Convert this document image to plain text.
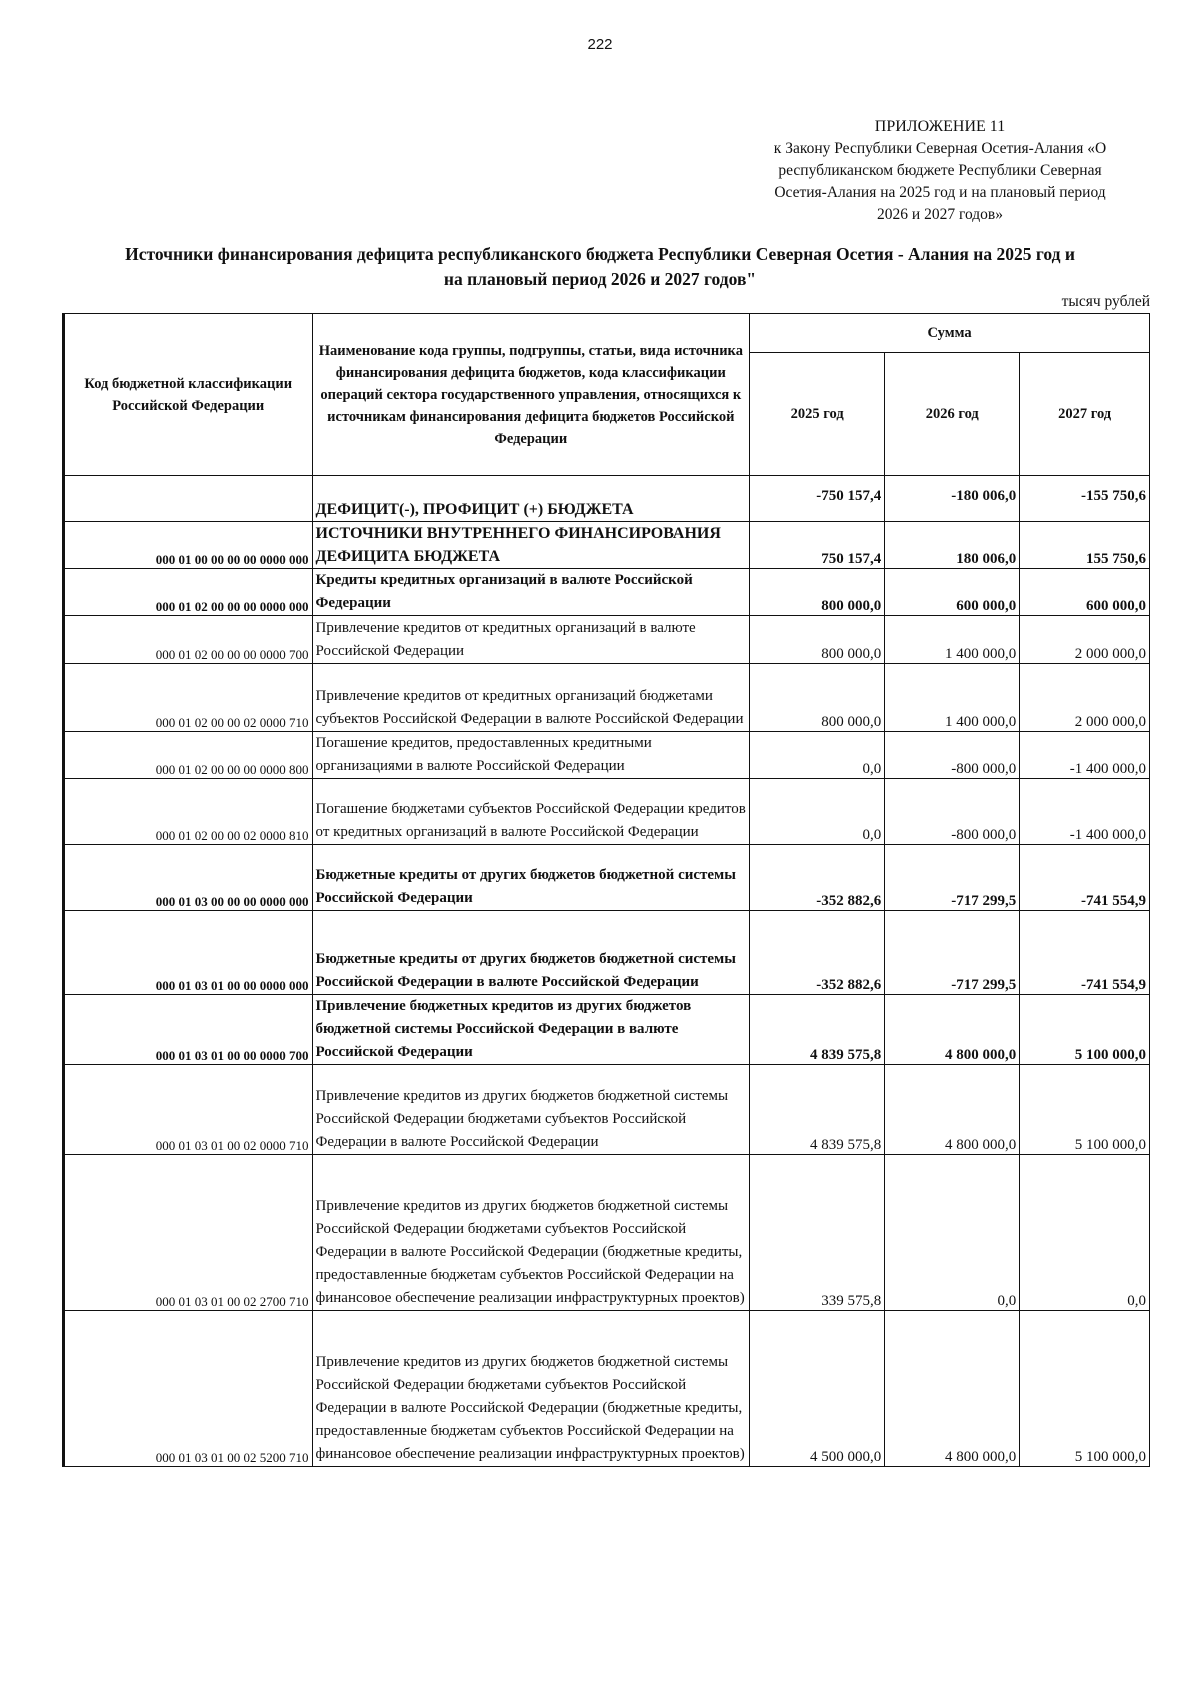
222
ПРИЛОЖЕНИЕ 11
к Закону Республики Северная Осетия-Алания «О
республиканском бюджете Республики Северная
Осетия-Алания на 2025 год и на плановый период
2026 и 2027 годов»
Источники финансирования дефицита республиканского бюджета Республики Северная Осетия - Алания на 2025 год и
на плановый период 2026 и 2027 годов"
тысяч рублей
Код бюджетной классификации Российской Федерации	Наименование кода группы, подгруппы, статьи, вида источника финансирования дефицита бюджетов, кода классификации операций сектора государственного управления, относящихся к источникам финансирования дефицита бюджетов Российской Федерации	Сумма		
		2025 год	2026 год	2027 год
	ДЕФИЦИТ(-), ПРОФИЦИТ (+) БЮДЖЕТА	-750 157,4	-180 006,0	-155 750,6
000 01 00 00 00 00 0000 000	ИСТОЧНИКИ ВНУТРЕННЕГО ФИНАНСИРОВАНИЯ ДЕФИЦИТА БЮДЖЕТА	750 157,4	180 006,0	155 750,6
000 01 02 00 00 00 0000 000	Кредиты кредитных организаций в валюте Российской Федерации	800 000,0	600 000,0	600 000,0
000 01 02 00 00 00 0000 700	Привлечение кредитов от кредитных организаций в валюте Российской Федерации	800 000,0	1 400 000,0	2 000 000,0
000 01 02 00 00 02 0000 710	Привлечение кредитов от кредитных организаций бюджетами субъектов Российской Федерации в валюте Российской Федерации	800 000,0	1 400 000,0	2 000 000,0
000 01 02 00 00 00 0000 800	Погашение кредитов, предоставленных кредитными организациями в валюте Российской Федерации	0,0	-800 000,0	-1 400 000,0
000 01 02 00 00 02 0000 810	Погашение бюджетами субъектов Российской Федерации кредитов от кредитных организаций в валюте Российской Федерации	0,0	-800 000,0	-1 400 000,0
000 01 03 00 00 00 0000 000	Бюджетные кредиты от других бюджетов бюджетной системы Российской Федерации	-352 882,6	-717 299,5	-741 554,9
000 01 03 01 00 00 0000 000	Бюджетные кредиты от других бюджетов бюджетной системы Российской Федерации в валюте Российской Федерации	-352 882,6	-717 299,5	-741 554,9
000 01 03 01 00 00 0000 700	Привлечение бюджетных кредитов из других бюджетов бюджетной системы Российской Федерации в валюте Российской Федерации	4 839 575,8	4 800 000,0	5 100 000,0
000 01 03 01 00 02 0000 710	Привлечение кредитов из других бюджетов бюджетной системы Российской Федерации бюджетами субъектов Российской Федерации в валюте Российской Федерации	4 839 575,8	4 800 000,0	5 100 000,0
000 01 03 01 00 02 2700 710	Привлечение кредитов из других бюджетов бюджетной системы Российской Федерации бюджетами субъектов Российской Федерации в валюте Российской Федерации (бюджетные кредиты, предоставленные бюджетам субъектов Российской Федерации на финансовое обеспечение реализации инфраструктурных проектов)	339 575,8	0,0	0,0
000 01 03 01 00 02 5200 710	Привлечение кредитов из других бюджетов бюджетной системы Российской Федерации бюджетами субъектов Российской Федерации в валюте Российской Федерации (бюджетные кредиты, предоставленные бюджетам субъектов Российской Федерации на финансовое обеспечение реализации инфраструктурных проектов)	4 500 000,0	4 800 000,0	5 100 000,0
